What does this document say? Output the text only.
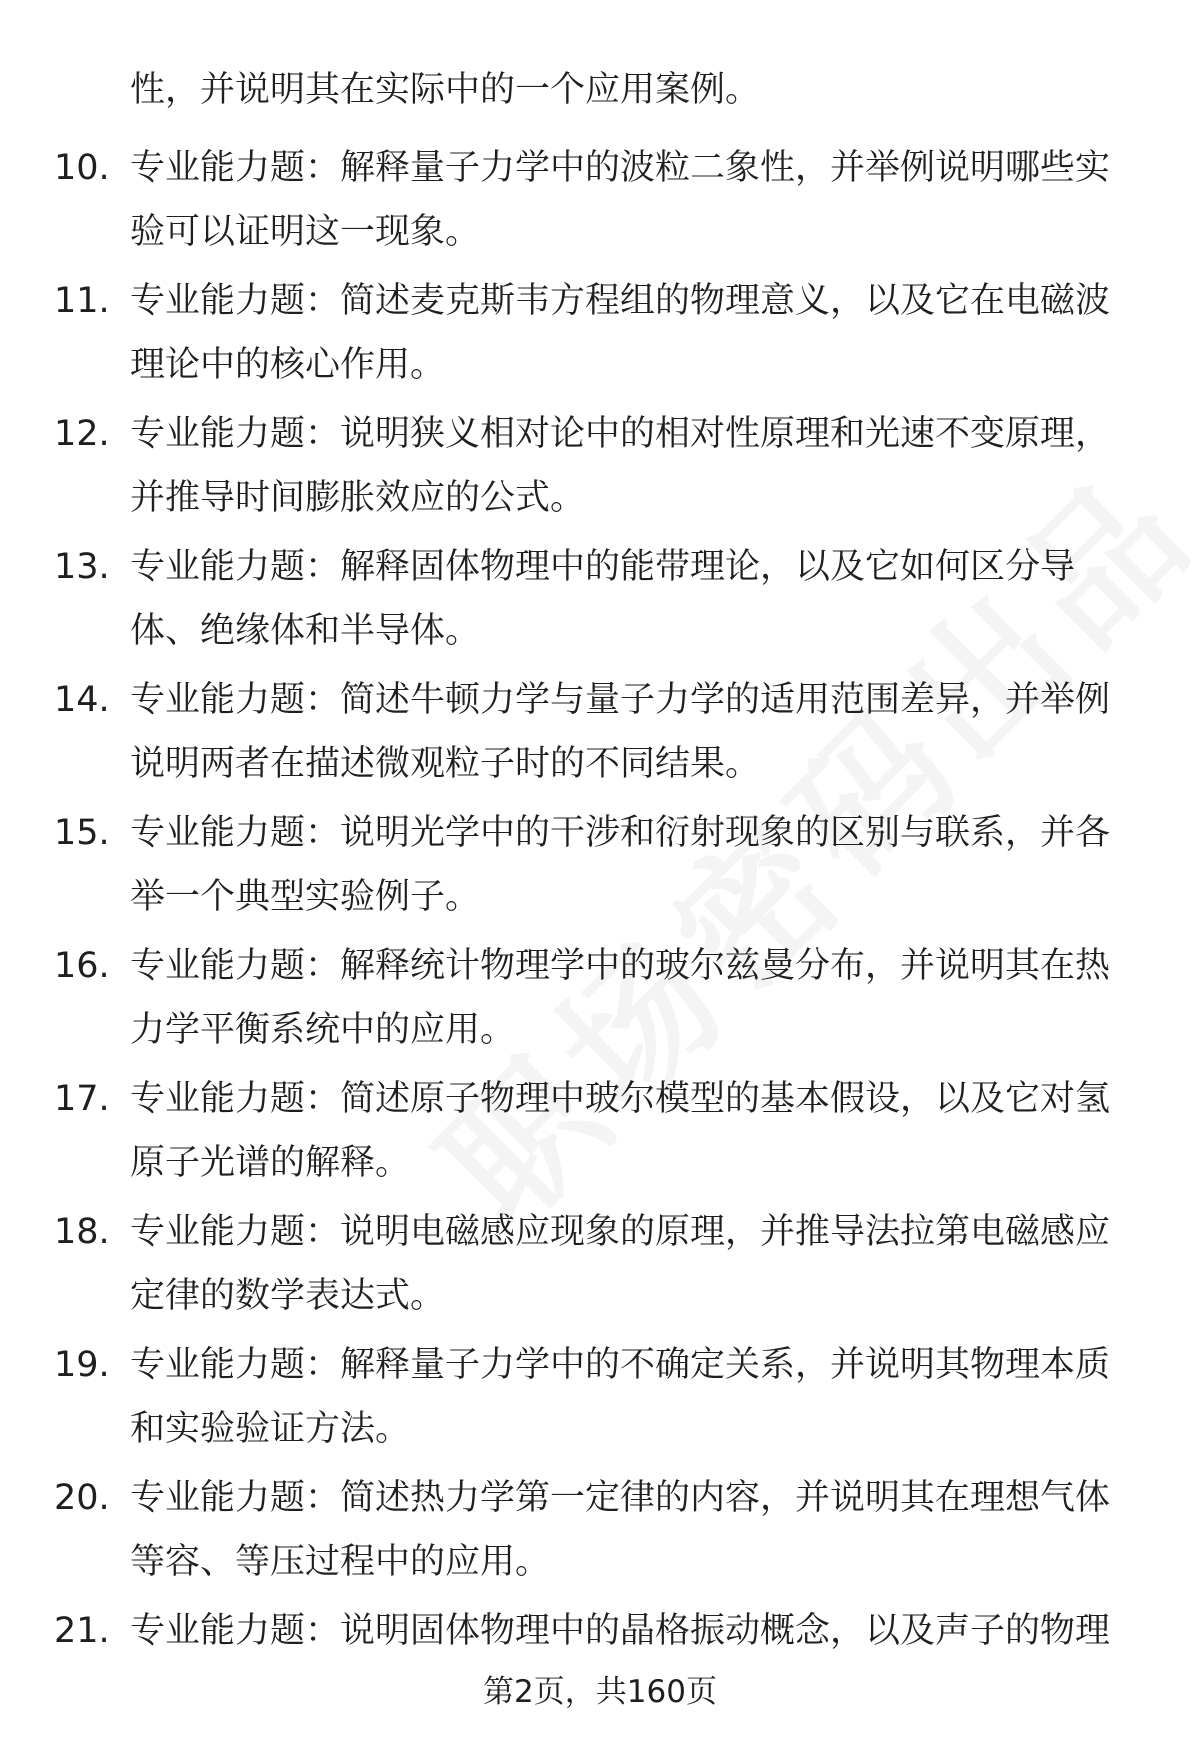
性，并说明其在实际中的一个应用案例。

10. 专业能力题：解释量子力学中的波粒二象性，并举例说明哪些实验可以证明这一现象。
11. 专业能力题：简述麦克斯韦方程组的物理意义，以及它在电磁波理论中的核心作用。
12. 专业能力题：说明狭义相对论中的相对性原理和光速不变原理，并推导时间膨胀效应的公式。
13. 专业能力题：解释固体物理中的能带理论，以及它如何区分导体、绝缘体和半导体。
14. 专业能力题：简述牛顿力学与量子力学的适用范围差异，并举例说明两者在描述微观粒子时的不同结果。
15. 专业能力题：说明光学中的干涉和衍射现象的区别与联系，并各举一个典型实验例子。
16. 专业能力题：解释统计物理学中的玻尔兹曼分布，并说明其在热力学平衡系统中的应用。
17. 专业能力题：简述原子物理中玻尔模型的基本假设，以及它对氢原子光谱的解释。
18. 专业能力题：说明电磁感应现象的原理，并推导法拉第电磁感应定律的数学表达式。
19. 专业能力题：解释量子力学中的不确定关系，并说明其物理本质和实验验证方法。
20. 专业能力题：简述热力学第一定律的内容，并说明其在理想气体等容、等压过程中的应用。
21. 专业能力题：说明固体物理中的晶格振动概念，以及声子的物理
第2页，共160页
